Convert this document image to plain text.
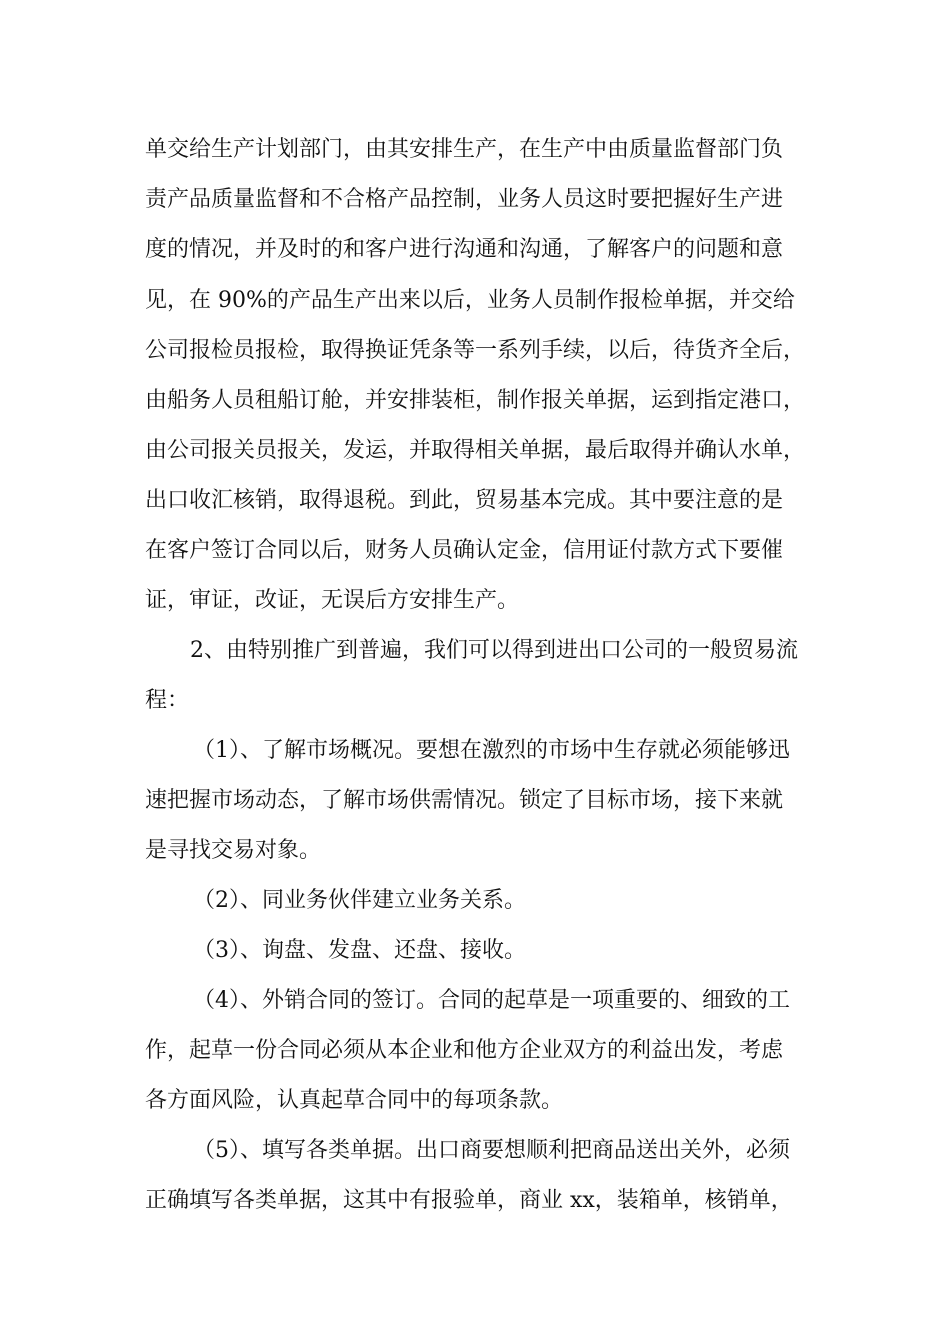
单交给生产计划部门，由其安排生产，在生产中由质量监督部门负

责产品质量监督和不合格产品控制，业务人员这时要把握好生产进

度的情况，并及时的和客户进行沟通和沟通，了解客户的问题和意

见，在 90%的产品生产出来以后，业务人员制作报检单据，并交给

公司报检员报检，取得换证凭条等一系列手续，以后，待货齐全后，

由船务人员租船订舱，并安排装柜，制作报关单据，运到指定港口，

由公司报关员报关，发运，并取得相关单据，最后取得并确认水单，

出口收汇核销，取得退税。到此，贸易基本完成。其中要注意的是

在客户签订合同以后，财务人员确认定金，信用证付款方式下要催

证，审证，改证，无误后方安排生产。

2、由特别推广到普遍，我们可以得到进出口公司的一般贸易流

程：

（1）、了解市场概况。要想在激烈的市场中生存就必须能够迅

速把握市场动态，了解市场供需情况。锁定了目标市场，接下来就

是寻找交易对象。

（2）、同业务伙伴建立业务关系。

（3）、询盘、发盘、还盘、接收。

（4）、外销合同的签订。合同的起草是一项重要的、细致的工

作，起草一份合同必须从本企业和他方企业双方的利益出发，考虑

各方面风险，认真起草合同中的每项条款。

（5）、填写各类单据。出口商要想顺利把商品送出关外，必须

正确填写各类单据，这其中有报验单，商业 xx，装箱单，核销单，
